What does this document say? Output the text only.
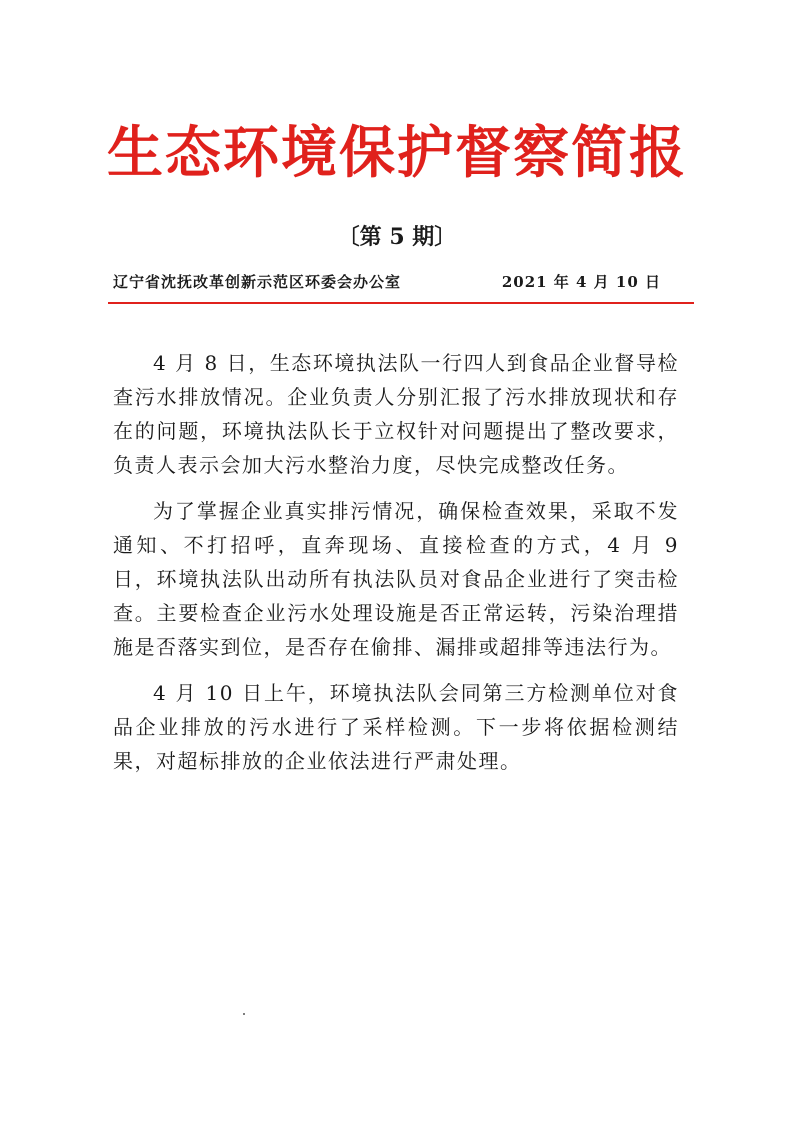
生态环境保护督察简报
〔第 5 期〕
辽宁省沈抚改革创新示范区环委会办公室	2021 年 4 月 10 日

4 月 8 日，生态环境执法队一行四人到食品企业督导检查污水排放情况。企业负责人分别汇报了污水排放现状和存在的问题，环境执法队长于立权针对问题提出了整改要求，负责人表示会加大污水整治力度，尽快完成整改任务。

为了掌握企业真实排污情况，确保检查效果，采取不发通知、不打招呼，直奔现场、直接检查的方式，4 月 9 日，环境执法队出动所有执法队员对食品企业进行了突击检查。主要检查企业污水处理设施是否正常运转，污染治理措施是否落实到位，是否存在偷排、漏排或超排等违法行为。

4 月 10 日上午，环境执法队会同第三方检测单位对食品企业排放的污水进行了采样检测。下一步将依据检测结果，对超标排放的企业依法进行严肃处理。
